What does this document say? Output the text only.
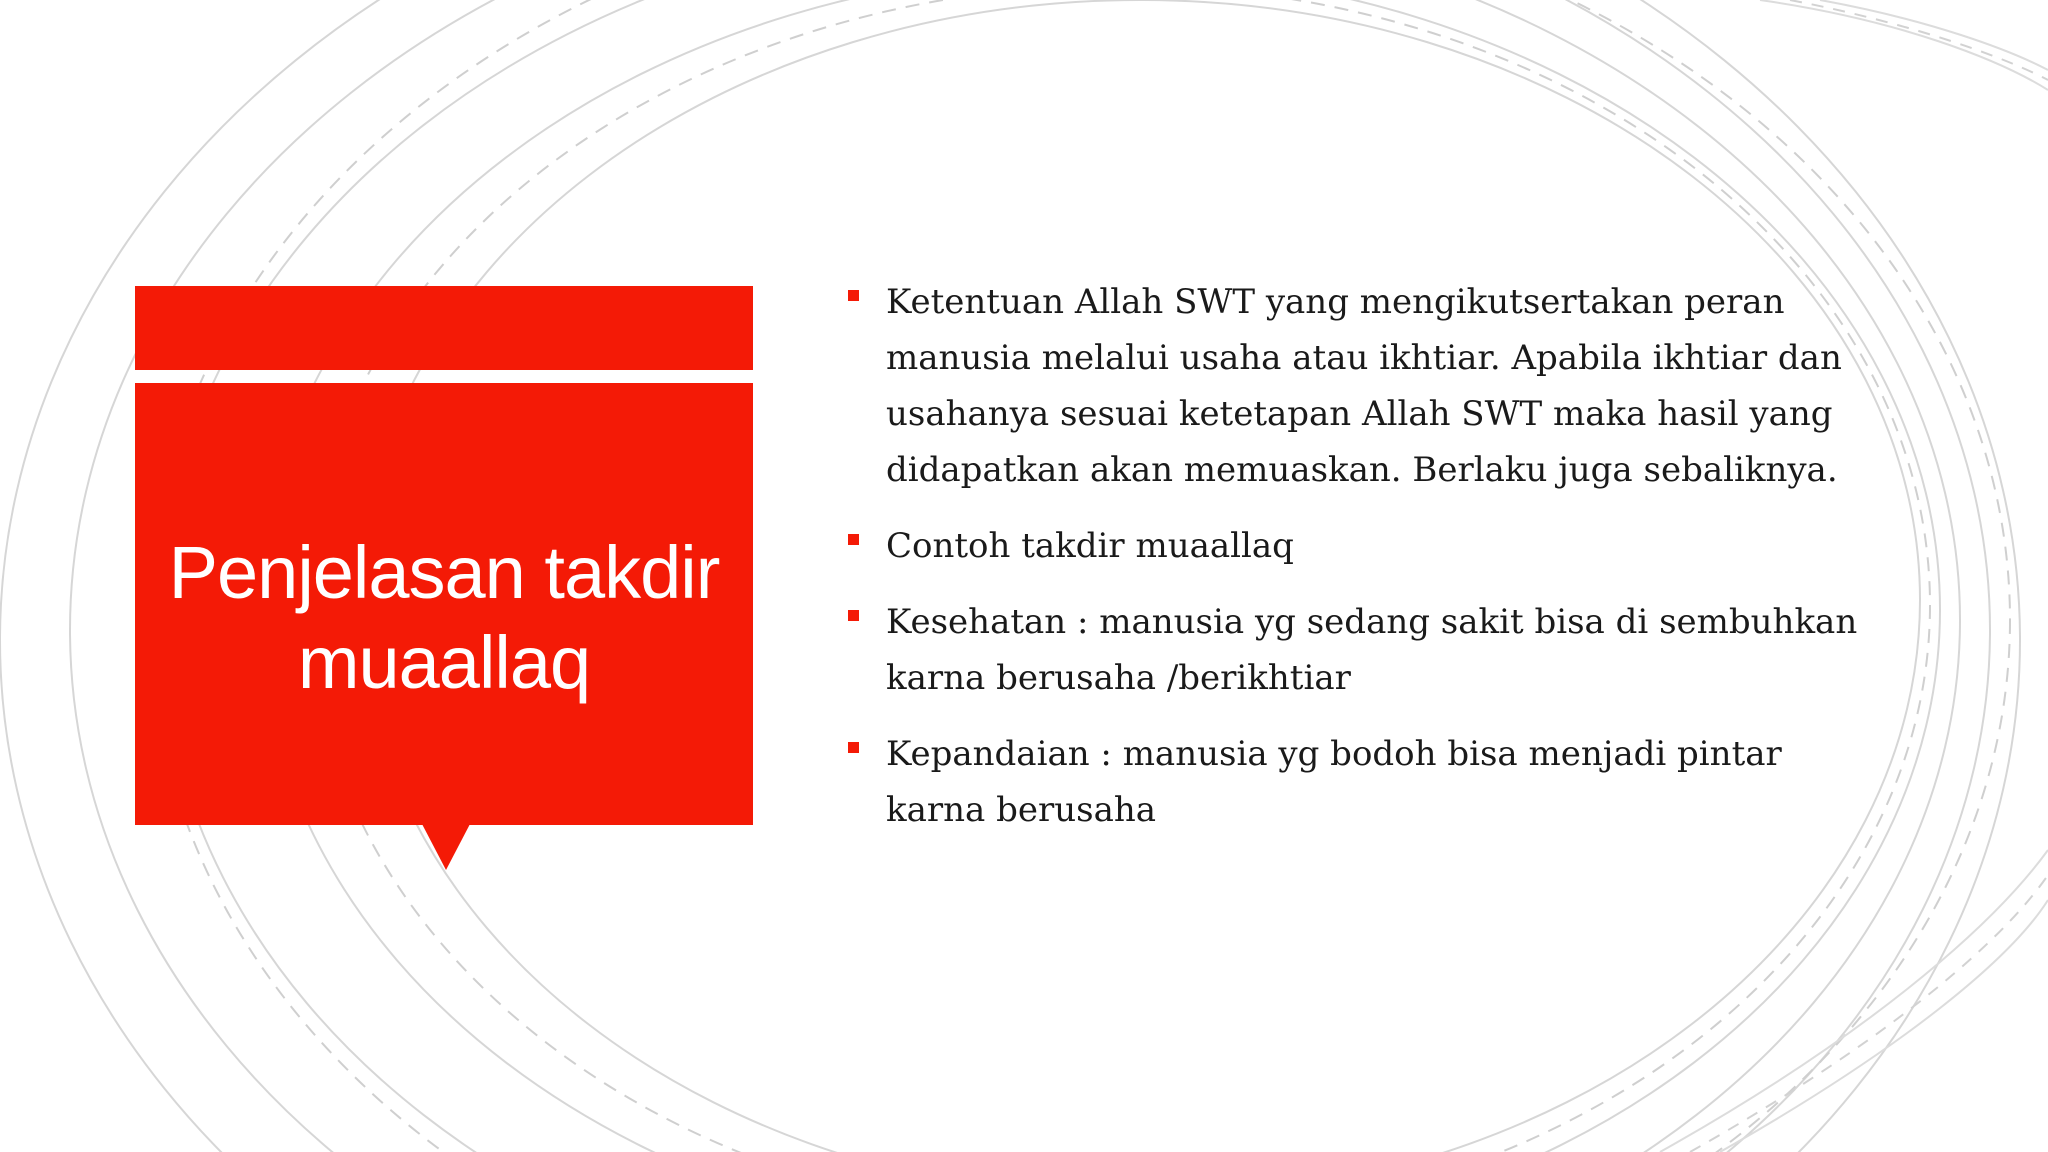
Penjelasan takdir muaallaq
Ketentuan Allah SWT yang mengikutsertakan peran manusia melalui usaha atau ikhtiar. Apabila ikhtiar dan usahanya sesuai ketetapan Allah SWT maka hasil yang didapatkan akan memuaskan. Berlaku juga sebaliknya.
Contoh takdir muaallaq
Kesehatan : manusia yg sedang sakit bisa di sembuhkan karna berusaha /berikhtiar
Kepandaian : manusia yg bodoh bisa menjadi pintar karna berusaha
